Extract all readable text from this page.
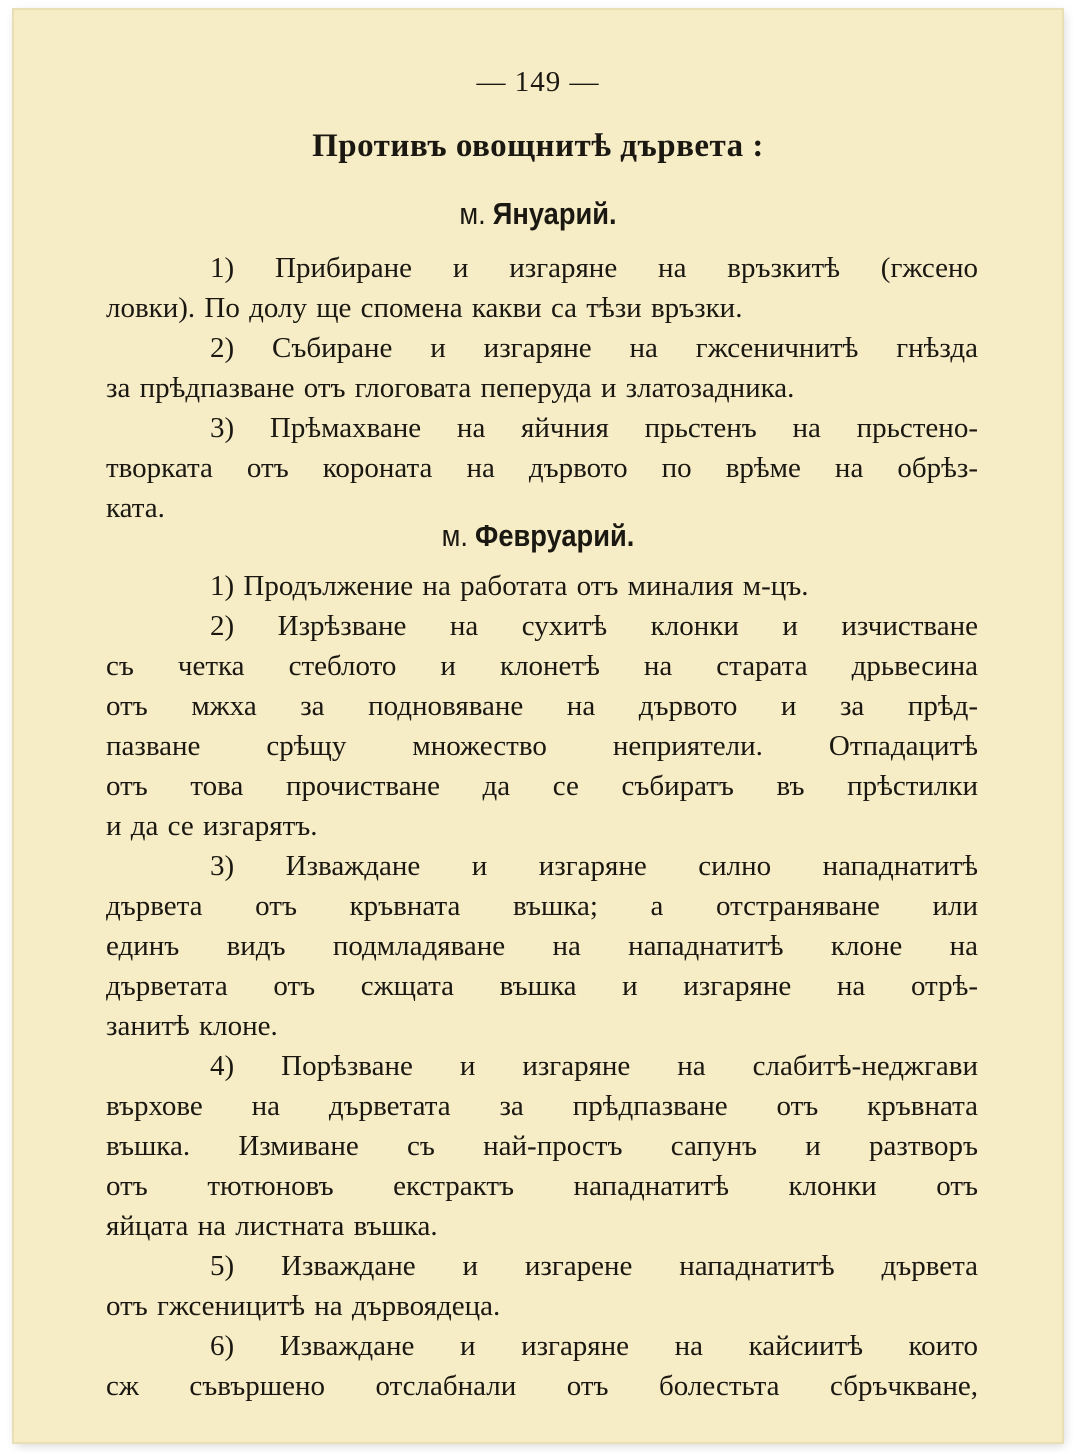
— 149 —
Противъ овощнитѣ дървета :
м. Януарий.
1) Прибиране и изгаряне на връзкитѣ (гжсено
ловки). По долу ще спомена какви са тѣзи връзки.
2) Събиране и изгаряне на гжсеничнитѣ гнѣзда
за прѣдпазване отъ глоговата пеперуда и златозадника.
3) Прѣмахване на яйчния прьстенъ на прьстено-
творката отъ короната на дървото по врѣме на обрѣз-
ката.
м. Февруарий.
1) Продължение на работата отъ миналия м-цъ.
2) Изрѣзване на сухитѣ клонки и изчистване
съ четка стеблото и клонетѣ на старата дрьвесина
отъ мжха за подновяване на дървото и за прѣд-
пазване срѣщу множество неприятели. Отпадацитѣ
отъ това прочистване да се събиратъ въ прѣстилки
и да се изгарятъ.
3) Изваждане и изгаряне силно нападнатитѣ
дървета отъ кръвната въшка; а отстраняване или
единъ видъ подмладяване на нападнатитѣ клоне на
дърветата отъ сжщата въшка и изгаряне на отрѣ-
занитѣ клоне.
4) Порѣзване и изгаряне на слабитѣ-неджгави
върхове на дърветата за прѣдпазване отъ кръвната
въшка. Измиване съ най-простъ сапунъ и разтворъ
отъ тютюновъ екстрактъ нападнатитѣ клонки отъ
яйцата на листната въшка.
5) Изваждане и изгарене нападнатитѣ дървета
отъ гжсеницитѣ на дървоядеца.
6) Изваждане и изгаряне на кайсиитѣ които
сж съвършено отслабнали отъ болестьта сбръчкване,
